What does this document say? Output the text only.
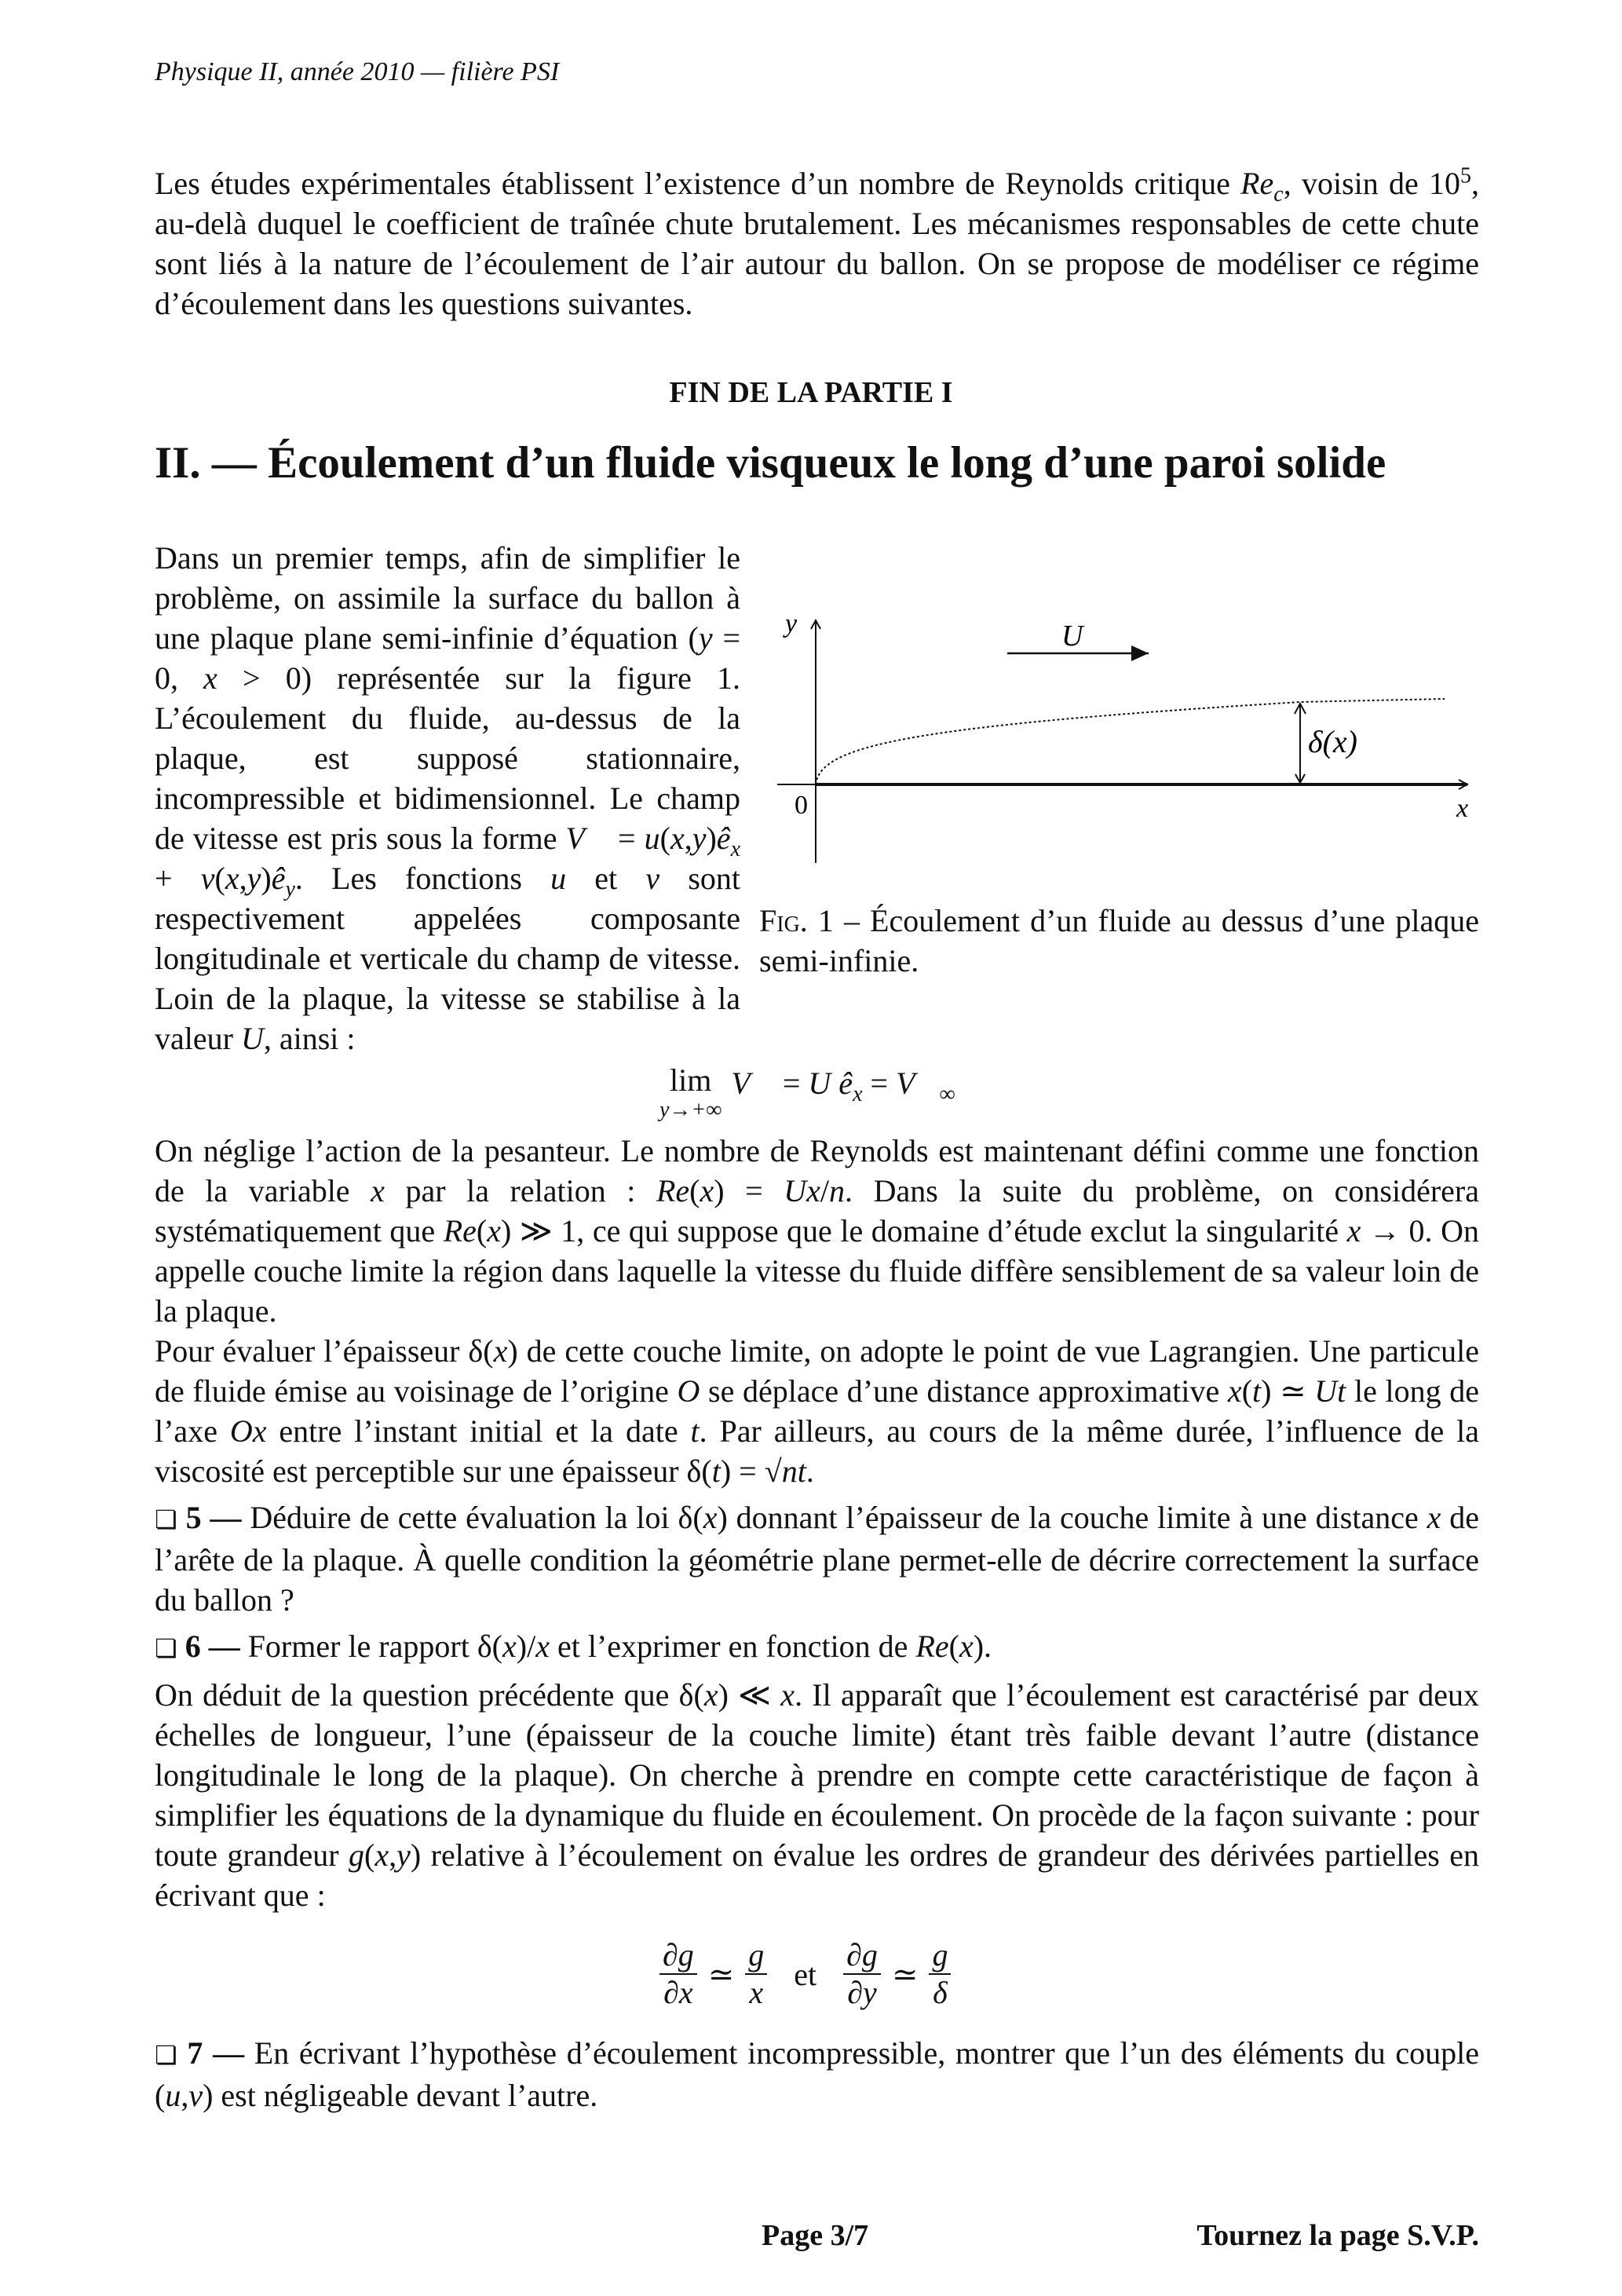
Physique II, année 2010 — filière PSI
Les études expérimentales établissent l’existence d’un nombre de Reynolds critique $Re_c$, voisin de $10^5$, au-delà duquel le coefficient de traînée chute brutalement. Les mécanismes responsables de cette chute sont liés à la nature de l’écoulement de l’air autour du ballon. On se propose de modéliser ce régime d’écoulement dans les questions suivantes.
FIN DE LA PARTIE I
II. — Écoulement d’un fluide visqueux le long d’une paroi solide
Dans un premier temps, afin de simplifier le problème, on assimile la surface du ballon à une plaque plane semi-infinie d’équation (y = 0, x > 0) représentée sur la figure 1. L’écoulement du fluide, au-dessus de la plaque, est supposé stationnaire, incompressible et bidimensionnel. Le champ de vitesse est pris sous la forme V⃗ = $u(x,y)ê_x$ + $v(x,y)ê_y$. Les fonctions u et v sont respectivement appelées composante longitudinale et verticale du champ de vitesse. Loin de la plaque, la vitesse se stabilise à la valeur U, ainsi :
y
0	x
U
δ(x)
Fig. 1 – Écoulement d’un fluide au dessus d’une plaque semi-infinie.
lim
y→+∞
V⃗ = U $ê_x$ = $V⃗_\infty$
On néglige l’action de la pesanteur. Le nombre de Reynolds est maintenant défini comme une fonction de la variable x par la relation : Re(x) = Ux/n. Dans la suite du problème, on considérera systématiquement que Re(x) ≫ 1, ce qui suppose que le domaine d’étude exclut la singularité x → 0. On appelle couche limite la région dans laquelle la vitesse du fluide diffère sensiblement de sa valeur loin de la plaque.
Pour évaluer l’épaisseur δ(x) de cette couche limite, on adopte le point de vue Lagrangien. Une particule de fluide émise au voisinage de l’origine O se déplace d’une distance approximative x(t) ≃ Ut le long de l’axe Ox entre l’instant initial et la date t. Par ailleurs, au cours de la même durée, l’influence de la viscosité est perceptible sur une épaisseur δ(t) = √nt.
❏ 5 — Déduire de cette évaluation la loi δ(x) donnant l’épaisseur de la couche limite à une distance x de l’arête de la plaque. À quelle condition la géométrie plane permet-elle de décrire correctement la surface du ballon ?
❏ 6 — Former le rapport δ(x)/x et l’exprimer en fonction de Re(x).
On déduit de la question précédente que δ(x) ≪ x. Il apparaît que l’écoulement est caractérisé par deux échelles de longueur, l’une (épaisseur de la couche limite) étant très faible devant l’autre (distance longitudinale le long de la plaque). On cherche à prendre en compte cette caractéristique de façon à simplifier les équations de la dynamique du fluide en écoulement. On procède de la façon suivante : pour toute grandeur g(x,y) relative à l’écoulement on évalue les ordres de grandeur des dérivées partielles en écrivant que :
$\frac{\partial g}{\partial x}$ ≃ $\frac{g}{x}$ et $\frac{\partial g}{\partial y}$ ≃ $\frac{g}{\delta}$
❏ 7 — En écrivant l’hypothèse d’écoulement incompressible, montrer que l’un des éléments du couple (u,v) est négligeable devant l’autre.
Page 3/7	Tournez la page S.V.P.
